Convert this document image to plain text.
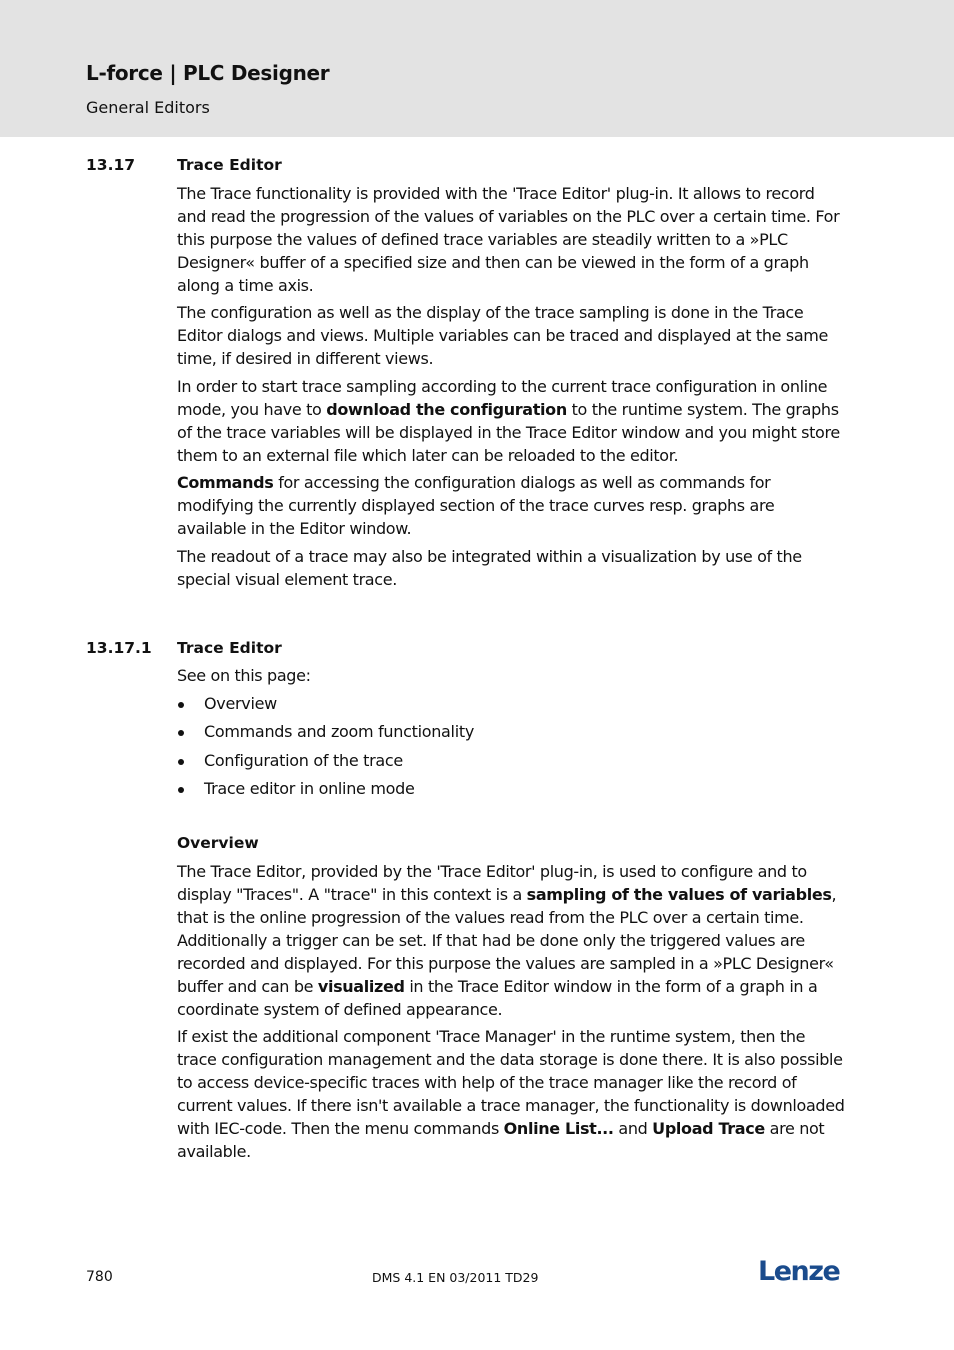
L-force | PLC Designer
General Editors
13.17	Trace Editor

The Trace functionality is provided with the 'Trace Editor' plug-in. It allows to record and read the progression of the values of variables on the PLC over a certain time. For this purpose the values of defined trace variables are steadily written to a »PLC Designer« buffer of a specified size and then can be viewed in the form of a graph along a time axis.

The configuration as well as the display of the trace sampling is done in the Trace Editor dialogs and views. Multiple variables can be traced and displayed at the same time, if desired in different views.

In order to start trace sampling according to the current trace configuration in online mode, you have to download the configuration to the runtime system. The graphs of the trace variables will be displayed in the Trace Editor window and you might store them to an external file which later can be reloaded to the editor.

Commands for accessing the configuration dialogs as well as commands for modifying the currently displayed section of the trace curves resp. graphs are available in the Editor window.

The readout of a trace may also be integrated within a visualization by use of the special visual element trace.

13.17.1 Trace Editor

See on this page:

Overview
Commands and zoom functionality
Configuration of the trace
Trace editor in online mode
Overview

The Trace Editor, provided by the 'Trace Editor' plug-in, is used to configure and to display "Traces". A "trace" in this context is a sampling of the values of variables, that is the online progression of the values read from the PLC over a certain time. Additionally a trigger can be set. If that had be done only the triggered values are recorded and displayed. For this purpose the values are sampled in a »PLC Designer« buffer and can be visualized in the Trace Editor window in the form of a graph in a coordinate system of defined appearance.

If exist the additional component 'Trace Manager' in the runtime system, then the trace configuration management and the data storage is done there. It is also possible to access device-specific traces with help of the trace manager like the record of current values. If there isn't available a trace manager, the functionality is downloaded with IEC-code. Then the menu commands Online List... and Upload Trace are not available.

780	DMS 4.1 EN 03/2011 TD29	Lenze
